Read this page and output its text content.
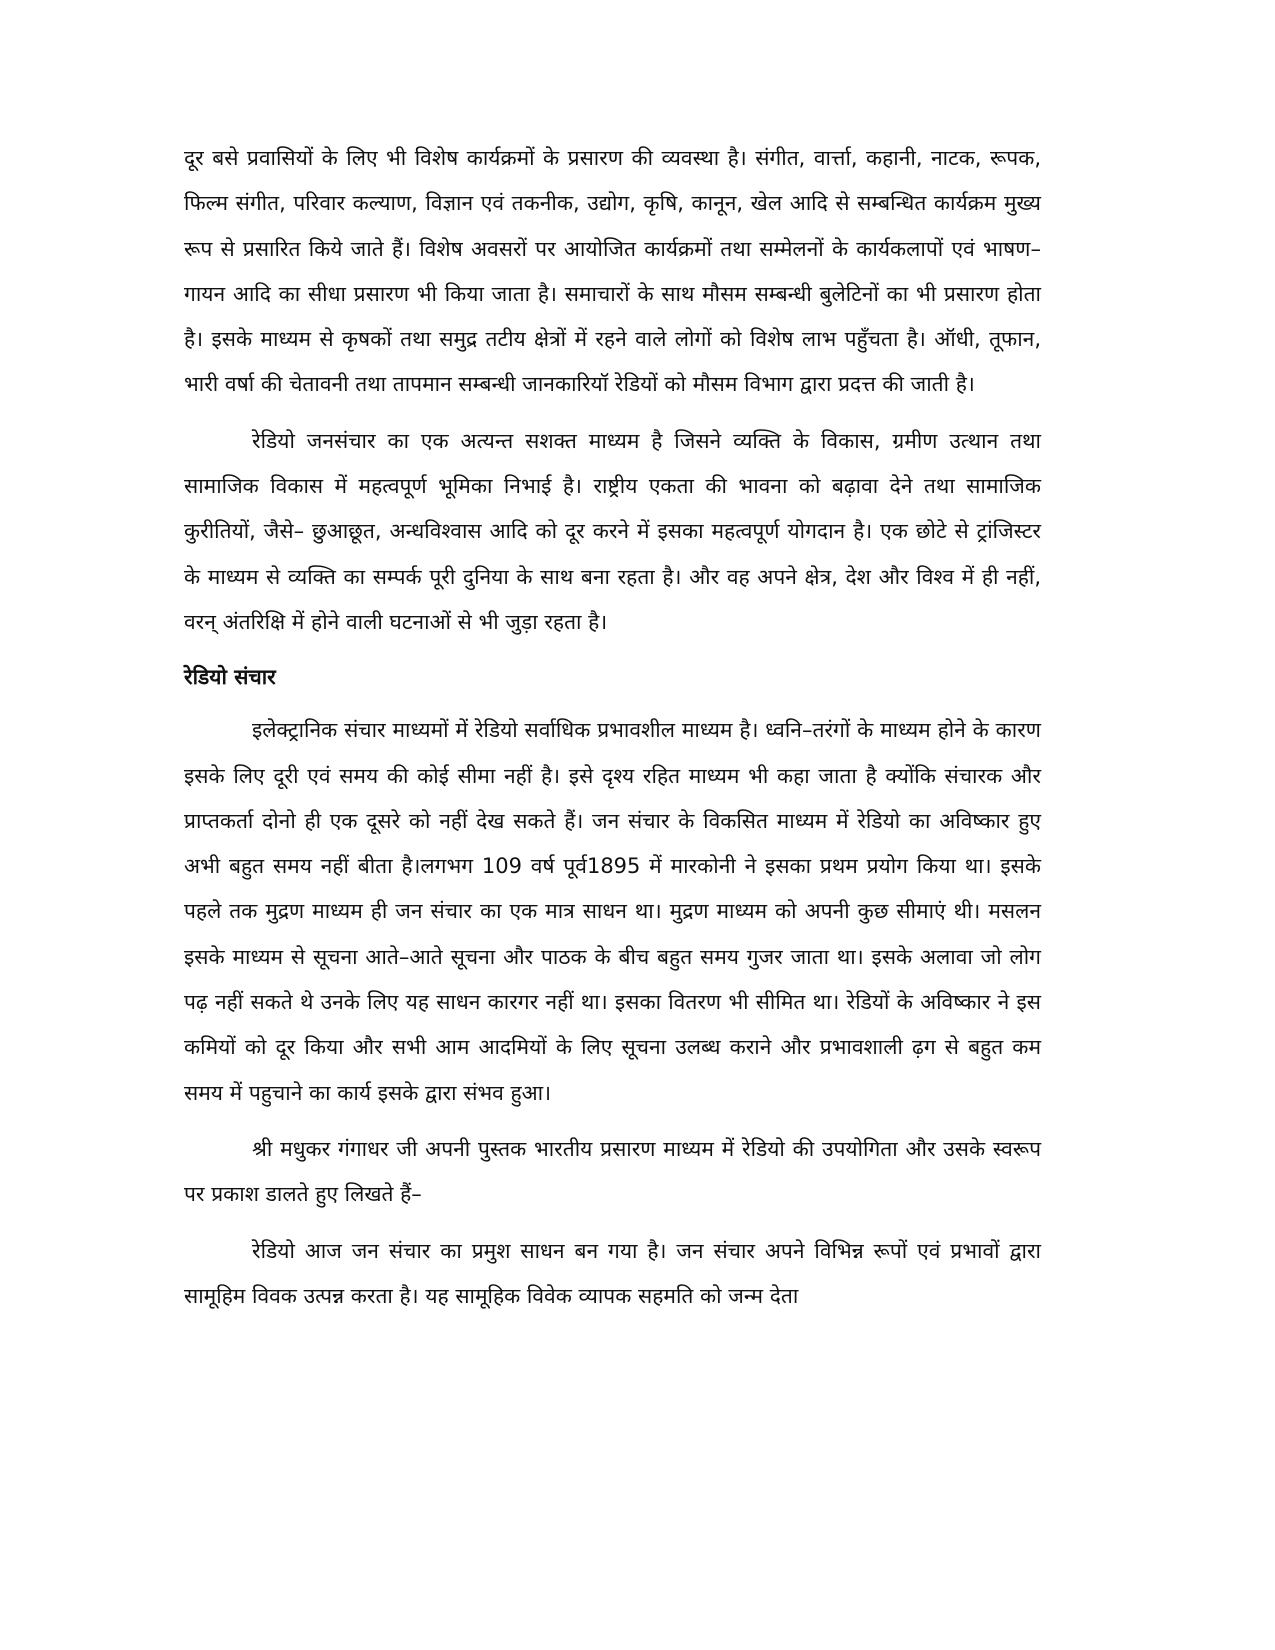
दूर बसे प्रवासियों के लिए भी विशेष कार्यक्रमों के प्रसारण की व्यवस्था है। संगीत, वार्त्ता, कहानी, नाटक, रूपक, फिल्म संगीत, परिवार कल्याण, विज्ञान एवं तकनीक, उद्योग, कृषि, कानून, खेल आदि से सम्बन्धित कार्यक्रम मुख्य रूप से प्रसारित किये जाते हैं। विशेष अवसरों पर आयोजित कार्यक्रमों तथा सम्मेलनों के कार्यकलापों एवं भाषण–गायन आदि का सीधा प्रसारण भी किया जाता है। समाचारों के साथ मौसम सम्बन्धी बुलेटिनों का भी प्रसारण होता है। इसके माध्यम से कृषकों तथा समुद्र तटीय क्षेत्रों में रहने वाले लोगों को विशेष लाभ पहुँचता है। ऑधी, तूफान, भारी वर्षा की चेतावनी तथा तापमान सम्बन्धी जानकारियॉ रेडियों को मौसम विभाग द्वारा प्रदत्त की जाती है।

रेडियो जनसंचार का एक अत्यन्त सशक्त माध्यम है जिसने व्यक्ति के विकास, ग्रमीण उत्थान तथा सामाजिक विकास में महत्वपूर्ण भूमिका निभाई है। राष्ट्रीय एकता की भावना को बढ़ावा देने तथा सामाजिक कुरीतियों, जैसे– छुआछूत, अन्धविश्वास आदि को दूर करने में इसका महत्वपूर्ण योगदान है। एक छोटे से ट्रांजिस्टर के माध्यम से व्यक्ति का सम्पर्क पूरी दुनिया के साथ बना रहता है। और वह अपने क्षेत्र, देश और विश्व में ही नहीं, वरन् अंतरिक्षि में होने वाली घटनाओं से भी जुड़ा रहता है।

रेडियो संचार

इलेक्ट्रानिक संचार माध्यमों में रेडियो सर्वाधिक प्रभावशील माध्यम है। ध्वनि–तरंगों के माध्यम होने के कारण इसके लिए दूरी एवं समय की कोई सीमा नहीं है। इसे दृश्य रहित माध्यम भी कहा जाता है क्योंकि संचारक और प्राप्तकर्ता दोनो ही एक दूसरे को नहीं देख सकते हैं। जन संचार के विकसित माध्यम में रेडियो का अविष्कार हुए अभी बहुत समय नहीं बीता है।लगभग 109 वर्ष पूर्व1895 में मारकोनी ने इसका प्रथम प्रयोग किया था। इसके पहले तक मुद्रण माध्यम ही जन संचार का एक मात्र साधन था। मुद्रण माध्यम को अपनी कुछ सीमाएं थी। मसलन इसके माध्यम से सूचना आते–आते सूचना और पाठक के बीच बहुत समय गुजर जाता था। इसके अलावा जो लोग पढ़ नहीं सकते थे उनके लिए यह साधन कारगर नहीं था। इसका वितरण भी सीमित था। रेडियों के अविष्कार ने इस कमियों को दूर किया और सभी आम आदमियों के लिए सूचना उलब्ध कराने और प्रभावशाली ढ़ग से बहुत कम समय में पहुचाने का कार्य इसके द्वारा संभव हुआ।

श्री मधुकर गंगाधर जी अपनी पुस्तक भारतीय प्रसारण माध्यम में रेडियो की उपयोगिता और उसके स्वरूप पर प्रकाश डालते हुए लिखते हैं–

रेडियो आज जन संचार का प्रमुश साधन बन गया है। जन संचार अपने विभिन्न रूपों एवं प्रभावों द्वारा सामूहिम विवक उत्पन्न करता है। यह सामूहिक विवेक व्यापक सहमति को जन्म देता
